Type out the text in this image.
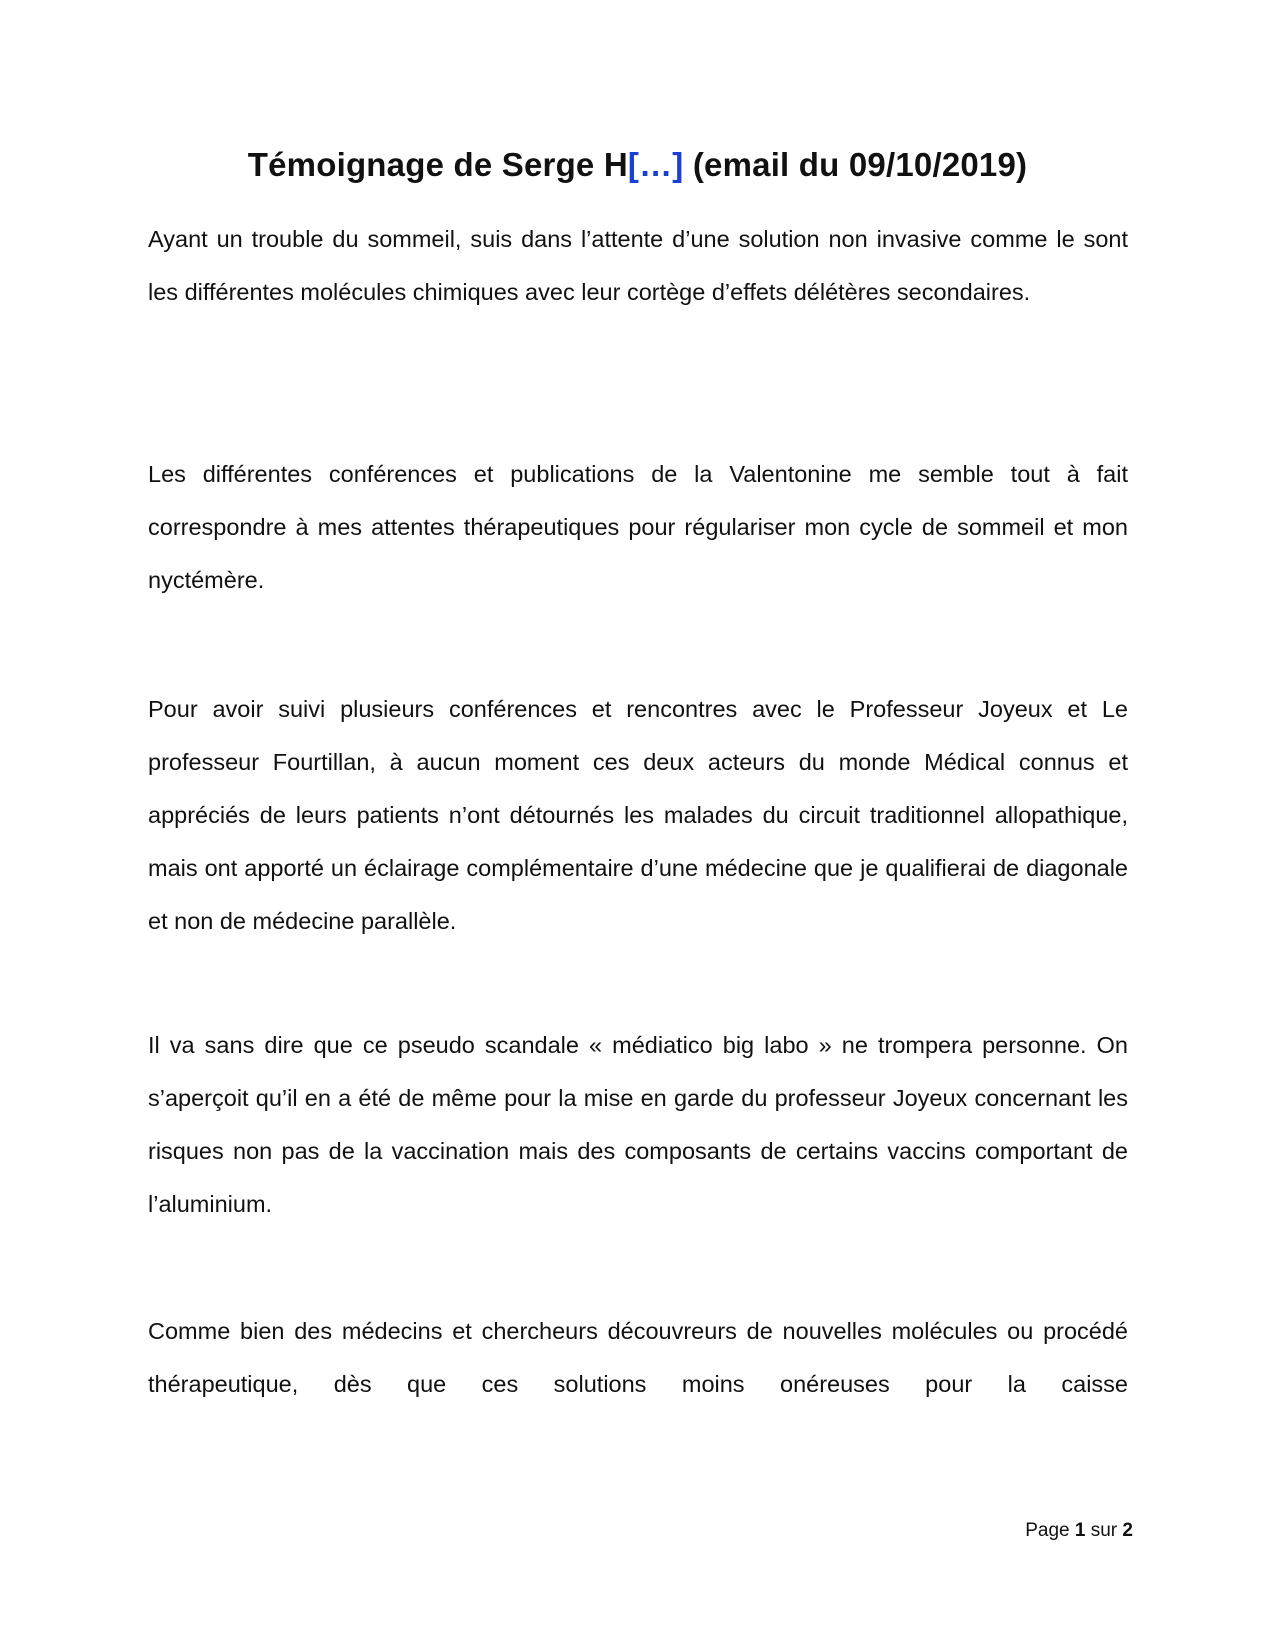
Témoignage de Serge H[…] (email du 09/10/2019)

Ayant un trouble du sommeil, suis dans l’attente d’une solution non invasive comme le sont les différentes molécules chimiques avec leur cortège d’effets délétères secondaires.

Les différentes conférences et publications de la Valentonine me semble tout à fait correspondre à mes attentes thérapeutiques pour régulariser mon cycle de sommeil et mon nyctémère.

Pour avoir suivi plusieurs conférences et rencontres avec le Professeur Joyeux et Le professeur Fourtillan, à aucun moment ces deux acteurs du monde Médical connus et appréciés de leurs patients n’ont détournés les malades du circuit traditionnel allopathique, mais ont apporté un éclairage complémentaire d’une médecine que je qualifierai de diagonale et non de médecine parallèle.

Il va sans dire que ce pseudo scandale « médiatico big labo » ne trompera personne. On s’aperçoit qu’il en a été de même pour la mise en garde du professeur Joyeux concernant les risques non pas de la vaccination mais des composants de certains vaccins comportant de l’aluminium.

Comme bien des médecins et chercheurs découvreurs de nouvelles molécules ou procédé thérapeutique, dès que ces solutions moins onéreuses pour la caisse

Page 1 sur 2
